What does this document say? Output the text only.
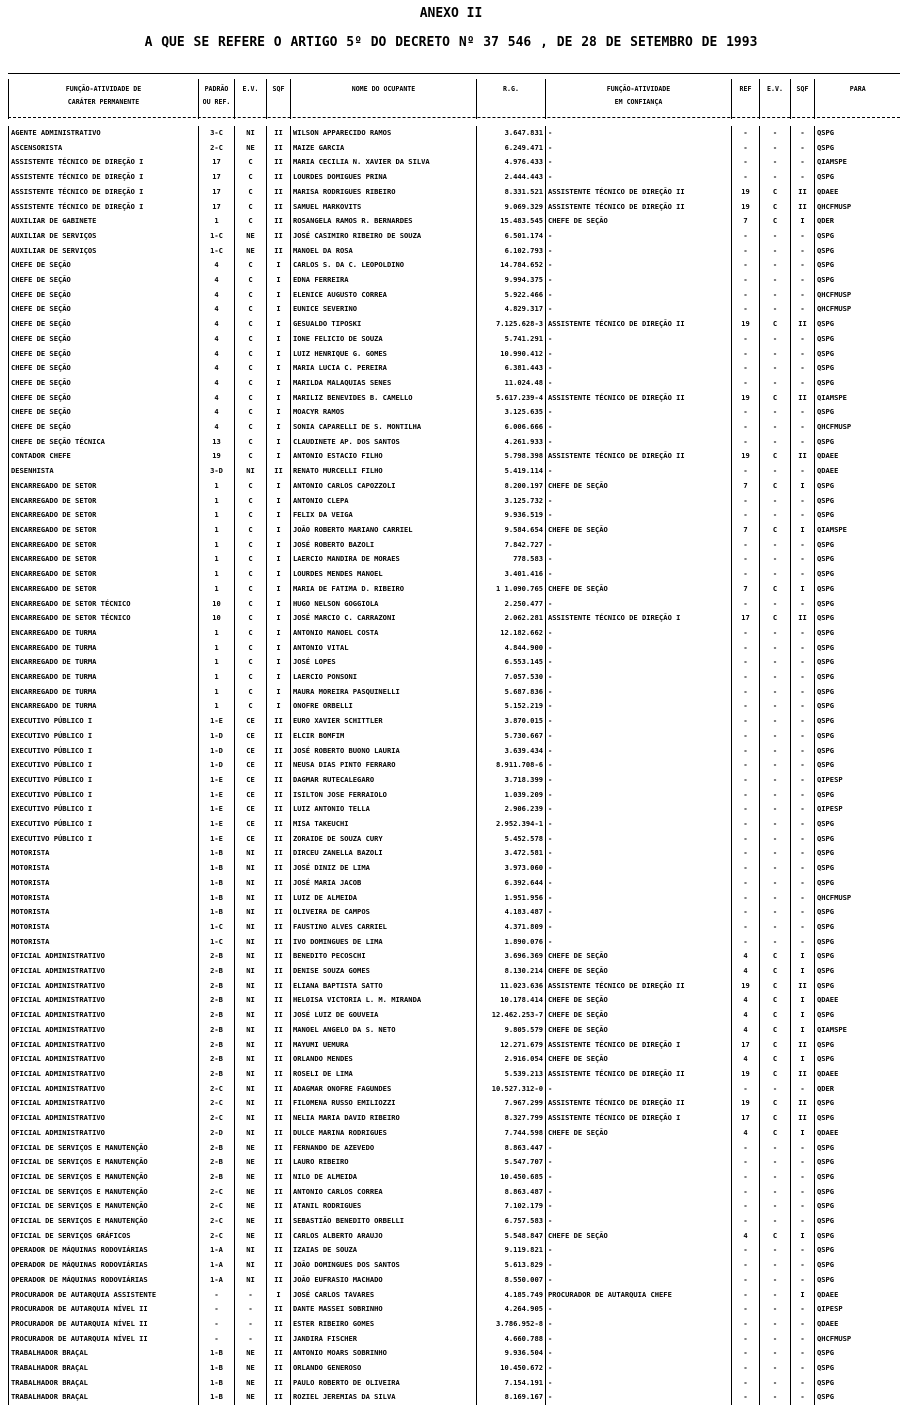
ANEXO II
A QUE SE REFERE O ARTIGO 5º DO DECRETO Nº 37 546 , DE 28 DE SETEMBRO DE 1993
FUNÇÃO-ATIVIDADE DE
CARÁTER PERMANENTE	PADRÃO
OU REF.	E.V.	SQF	NOME DO OCUPANTE	R.G.	FUNÇÃO-ATIVIDADE
EM CONFIANÇA	REF	E.V.	SQF	PARA
AGENTE ADMINISTRATIVO	3-C	NI	II	WILSON APPARECIDO RAMOS	3.647.831	-	-	-	-	QSPG
ASCENSORISTA	2-C	NE	II	MAIZE GARCIA	6.249.471	-	-	-	-	QSPG
ASSISTENTE TÉCNICO DE DIREÇÃO I	17	C	II	MARIA CECILIA N. XAVIER DA SILVA	4.976.433	-	-	-	-	QIAMSPE
ASSISTENTE TÉCNICO DE DIREÇÃO I	17	C	II	LOURDES DOMIGUES PRINA	2.444.443	-	-	-	-	QSPG
ASSISTENTE TÉCNICO DE DIREÇÃO I	17	C	II	MARISA RODRIGUES RIBEIRO	8.331.521	ASSISTENTE TÉCNICO DE DIREÇÃO II	19	C	II	QDAEE
ASSISTENTE TÉCNICO DE DIREÇÃO I	17	C	II	SAMUEL MARKOVITS	9.069.329	ASSISTENTE TÉCNICO DE DIREÇÃO II	19	C	II	QHCFMUSP
AUXILIAR DE GABINETE	1	C	II	ROSANGELA RAMOS R. BERNARDES	15.483.545	CHEFE DE SEÇÃO	7	C	I	QDER
AUXILIAR DE SERVIÇOS	1-C	NE	II	JOSÉ CASIMIRO RIBEIRO DE SOUZA	6.501.174	-	-	-	-	QSPG
AUXILIAR DE SERVIÇOS	1-C	NE	II	MANOEL DA ROSA	6.102.793	-	-	-	-	QSPG
CHEFE DE SEÇÃO	4	C	I	CARLOS S. DA C. LEOPOLDINO	14.784.652	-	-	-	-	QSPG
CHEFE DE SEÇÃO	4	C	I	EDNA FERREIRA	9.994.375	-	-	-	-	QSPG
CHEFE DE SEÇÃO	4	C	I	ELENICE AUGUSTO CORREA	5.922.466	-	-	-	-	QHCFMUSP
CHEFE DE SEÇÃO	4	C	I	EUNICE SEVERINO	4.829.317	-	-	-	-	QHCFMUSP
CHEFE DE SEÇÃO	4	C	I	GESUALDO TIPOSKI	7.125.628-3	ASSISTENTE TÉCNICO DE DIREÇÃO II	19	C	II	QSPG
CHEFE DE SEÇÃO	4	C	I	IONE FELICIO DE SOUZA	5.741.291	-	-	-	-	QSPG
CHEFE DE SEÇÃO	4	C	I	LUIZ HENRIQUE G. GOMES	10.990.412	-	-	-	-	QSPG
CHEFE DE SEÇÃO	4	C	I	MARIA LUCIA C. PEREIRA	6.381.443	-	-	-	-	QSPG
CHEFE DE SEÇÃO	4	C	I	MARILDA MALAQUIAS SENES	11.024.48	-	-	-	-	QSPG
CHEFE DE SEÇÃO	4	C	I	MARILIZ BENEVIDES B. CAMELLO	5.617.239-4	ASSISTENTE TÉCNICO DE DIREÇÃO II	19	C	II	QIAMSPE
CHEFE DE SEÇÃO	4	C	I	MOACYR RAMOS	3.125.635	-	-	-	-	QSPG
CHEFE DE SEÇÃO	4	C	I	SONIA CAPARELLI DE S. MONTILHA	6.006.666	-	-	-	-	QHCFMUSP
CHEFE DE SEÇÃO TÉCNICA	13	C	I	CLAUDINETE AP. DOS SANTOS	4.261.933	-	-	-	-	QSPG
CONTADOR CHEFE	19	C	I	ANTONIO ESTACIO FILHO	5.798.398	ASSISTENTE TÉCNICO DE DIREÇÃO II	19	C	II	QDAEE
DESENHISTA	3-D	NI	II	RENATO MURCELLI FILHO	5.419.114	-	-	-	-	QDAEE
ENCARREGADO DE SETOR	1	C	I	ANTONIO CARLOS CAPOZZOLI	8.200.197	CHEFE DE SEÇÃO	7	C	I	QSPG
ENCARREGADO DE SETOR	1	C	I	ANTONIO CLEPA	3.125.732	-	-	-	-	QSPG
ENCARREGADO DE SETOR	1	C	I	FELIX DA VEIGA	9.936.519	-	-	-	-	QSPG
ENCARREGADO DE SETOR	1	C	I	JOÃO ROBERTO MARIANO CARRIEL	9.584.654	CHEFE DE SEÇÃO	7	C	I	QIAMSPE
ENCARREGADO DE SETOR	1	C	I	JOSÉ ROBERTO BAZOLI	7.842.727	-	-	-	-	QSPG
ENCARREGADO DE SETOR	1	C	I	LAERCIO MANDIRA DE MORAES	778.583	-	-	-	-	QSPG
ENCARREGADO DE SETOR	1	C	I	LOURDES MENDES MANOEL	3.401.416	-	-	-	-	QSPG
ENCARREGADO DE SETOR	1	C	I	MARIA DE FATIMA D. RIBEIRO	1 1.090.765	CHEFE DE SEÇÃO	7	C	I	QSPG
ENCARREGADO DE SETOR TÉCNICO	10	C	I	HUGO NELSON GOGGIOLA	2.250.477	-	-	-	-	QSPG
ENCARREGADO DE SETOR TÉCNICO	10	C	I	JOSÉ MARCIO C. CARRAZONI	2.062.281	ASSISTENTE TÉCNICO DE DIREÇÃO I	17	C	II	QSPG
ENCARREGADO DE TURMA	1	C	I	ANTONIO MANOEL COSTA	12.182.662	-	-	-	-	QSPG
ENCARREGADO DE TURMA	1	C	I	ANTONIO VITAL	4.844.900	-	-	-	-	QSPG
ENCARREGADO DE TURMA	1	C	I	JOSÉ LOPES	6.553.145	-	-	-	-	QSPG
ENCARREGADO DE TURMA	1	C	I	LAERCIO PONSONI	7.057.530	-	-	-	-	QSPG
ENCARREGADO DE TURMA	1	C	I	MAURA MOREIRA PASQUINELLI	5.687.836	-	-	-	-	QSPG
ENCARREGADO DE TURMA	1	C	I	ONOFRE ORBELLI	5.152.219	-	-	-	-	QSPG
EXECUTIVO PÚBLICO I	1-E	CE	II	EURO XAVIER SCHITTLER	3.870.015	-	-	-	-	QSPG
EXECUTIVO PÚBLICO I	1-D	CE	II	ELCIR BOMFIM	5.730.667	-	-	-	-	QSPG
EXECUTIVO PÚBLICO I	1-D	CE	II	JOSÉ ROBERTO BUONO LAURIA	3.639.434	-	-	-	-	QSPG
EXECUTIVO PÚBLICO I	1-D	CE	II	NEUSA DIAS PINTO FERRARO	8.911.708-6	-	-	-	-	QSPG
EXECUTIVO PÚBLICO I	1-E	CE	II	DAGMAR RUTECALEGARO	3.718.399	-	-	-	-	QIPESP
EXECUTIVO PÚBLICO I	1-E	CE	II	ISILTON JOSE FERRAIOLO	1.039.209	-	-	-	-	QSPG
EXECUTIVO PÚBLICO I	1-E	CE	II	LUIZ ANTONIO TELLA	2.906.239	-	-	-	-	QIPESP
EXECUTIVO PÚBLICO I	1-E	CE	II	MISA TAKEUCHI	2.952.394-1	-	-	-	-	QSPG
EXECUTIVO PÚBLICO I	1-E	CE	II	ZORAIDE DE SOUZA CURY	5.452.578	-	-	-	-	QSPG
MOTORISTA	1-B	NI	II	DIRCEU ZANELLA BAZOLI	3.472.581	-	-	-	-	QSPG
MOTORISTA	1-B	NI	II	JOSÉ DINIZ DE LIMA	3.973.060	-	-	-	-	QSPG
MOTORISTA	1-B	NI	II	JOSÉ MARIA JACOB	6.392.644	-	-	-	-	QSPG
MOTORISTA	1-B	NI	II	LUIZ DE ALMEIDA	1.951.956	-	-	-	-	QHCFMUSP
MOTORISTA	1-B	NI	II	OLIVEIRA DE CAMPOS	4.183.487	-	-	-	-	QSPG
MOTORISTA	1-C	NI	II	FAUSTINO ALVES CARRIEL	4.371.809	-	-	-	-	QSPG
MOTORISTA	1-C	NI	II	IVO DOMINGUES DE LIMA	1.890.076	-	-	-	-	QSPG
OFICIAL ADMINISTRATIVO	2-B	NI	II	BENEDITO PECOSCHI	3.696.369	CHEFE DE SEÇÃO	4	C	I	QSPG
OFICIAL ADMINISTRATIVO	2-B	NI	II	DENISE SOUZA GOMES	8.130.214	CHEFE DE SEÇÃO	4	C	I	QSPG
OFICIAL ADMINISTRATIVO	2-B	NI	II	ELIANA BAPTISTA SATTO	11.023.636	ASSISTENTE TÉCNICO DE DIREÇÃO II	19	C	II	QSPG
OFICIAL ADMINISTRATIVO	2-B	NI	II	HELOISA VICTORIA L. M. MIRANDA	10.178.414	CHEFE DE SEÇÃO	4	C	I	QDAEE
OFICIAL ADMINISTRATIVO	2-B	NI	II	JOSÉ LUIZ DE GOUVEIA	12.462.253-7	CHEFE DE SEÇÃO	4	C	I	QSPG
OFICIAL ADMINISTRATIVO	2-B	NI	II	MANOEL ANGELO DA S. NETO	9.805.579	CHEFE DE SEÇÃO	4	C	I	QIAMSPE
OFICIAL ADMINISTRATIVO	2-B	NI	II	MAYUMI UEMURA	12.271.679	ASSISTENTE TÉCNICO DE DIREÇÃO I	17	C	II	QSPG
OFICIAL ADMINISTRATIVO	2-B	NI	II	ORLANDO MENDES	2.916.054	CHEFE DE SEÇÃO	4	C	I	QSPG
OFICIAL ADMINISTRATIVO	2-B	NI	II	ROSELI DE LIMA	5.539.213	ASSISTENTE TÉCNICO DE DIREÇÃO II	19	C	II	QDAEE
OFICIAL ADMINISTRATIVO	2-C	NI	II	ADAGMAR ONOFRE FAGUNDES	10.527.312-0	-	-	-	-	QDER
OFICIAL ADMINISTRATIVO	2-C	NI	II	FILOMENA RUSSO EMILIOZZI	7.967.299	ASSISTENTE TÉCNICO DE DIREÇÃO II	19	C	II	QSPG
OFICIAL ADMINISTRATIVO	2-C	NI	II	NELIA MARIA DAVID RIBEIRO	8.327.799	ASSISTENTE TÉCNICO DE DIREÇÃO I	17	C	II	QSPG
OFICIAL ADMINISTRATIVO	2-D	NI	II	DULCE MARINA RODRIGUES	7.744.598	CHEFE DE SEÇÃO	4	C	I	QDAEE
OFICIAL DE SERVIÇOS E MANUTENÇÃO	2-B	NE	II	FERNANDO DE AZEVEDO	8.863.447	-	-	-	-	QSPG
OFICIAL DE SERVIÇOS E MANUTENÇÃO	2-B	NE	II	LAURO RIBEIRO	5.547.707	-	-	-	-	QSPG
OFICIAL DE SERVIÇOS E MANUTENÇÃO	2-B	NE	II	NILO DE ALMEIDA	10.450.685	-	-	-	-	QSPG
OFICIAL DE SERVIÇOS E MANUTENÇÃO	2-C	NE	II	ANTONIO CARLOS CORREA	8.863.487	-	-	-	-	QSPG
OFICIAL DE SERVIÇOS E MANUTENÇÃO	2-C	NE	II	ATANIL RODRIGUES	7.102.179	-	-	-	-	QSPG
OFICIAL DE SERVIÇOS E MANUTENÇÃO	2-C	NE	II	SEBASTIÃO BENEDITO ORBELLI	6.757.583	-	-	-	-	QSPG
OFICIAL DE SERVIÇOS GRÁFICOS	2-C	NE	II	CARLOS ALBERTO ARAUJO	5.548.847	CHEFE DE SEÇÃO	4	C	I	QSPG
OPERADOR DE MÁQUINAS RODOVIÁRIAS	1-A	NI	II	IZAIAS DE SOUZA	9.119.821	-	-	-	-	QSPG
OPERADOR DE MÁQUINAS RODOVIÁRIAS	1-A	NI	II	JOÃO DOMINGUES DOS SANTOS	5.613.829	-	-	-	-	QSPG
OPERADOR DE MÁQUINAS RODOVIÁRIAS	1-A	NI	II	JOÃO EUFRASIO MACHADO	8.550.007	-	-	-	-	QSPG
PROCURADOR DE AUTARQUIA ASSISTENTE	-	-	I	JOSÉ CARLOS TAVARES	4.185.749	PROCURADOR DE AUTARQUIA CHEFE	-	-	I	QDAEE
PROCURADOR DE AUTARQUIA NÍVEL II	-	-	II	DANTE MASSEI SOBRINHO	4.264.905	-	-	-	-	QIPESP
PROCURADOR DE AUTARQUIA NÍVEL II	-	-	II	ESTER RIBEIRO GOMES	3.786.952-8	-	-	-	-	QDAEE
PROCURADOR DE AUTARQUIA NÍVEL II	-	-	II	JANDIRA FISCHER	4.660.788	-	-	-	-	QHCFMUSP
TRABALHADOR BRAÇAL	1-B	NE	II	ANTONIO MOARS SOBRINHO	9.936.504	-	-	-	-	QSPG
TRABALHADOR BRAÇAL	1-B	NE	II	ORLANDO GENEROSO	10.450.672	-	-	-	-	QSPG
TRABALHADOR BRAÇAL	1-B	NE	II	PAULO ROBERTO DE OLIVEIRA	7.154.191	-	-	-	-	QSPG
TRABALHADOR BRAÇAL	1-B	NE	II	ROZIEL JEREMIAS DA SILVA	8.169.167	-	-	-	-	QSPG
